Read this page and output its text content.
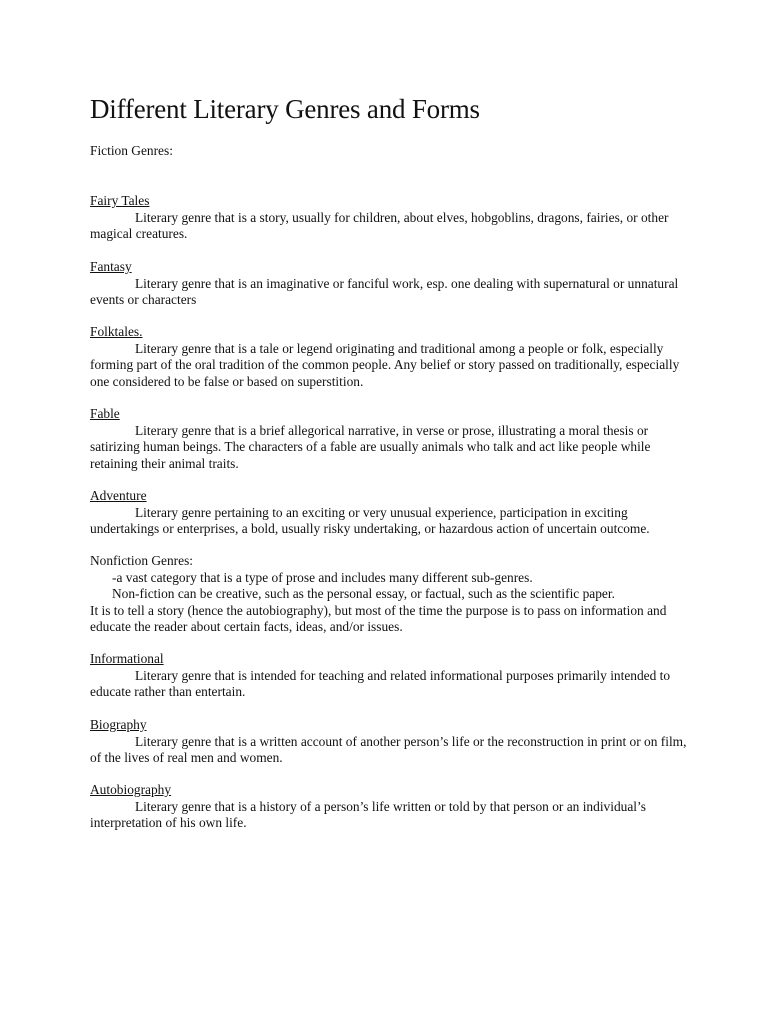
Different Literary Genres and Forms

Fiction Genres:

Fairy Tales

Literary genre that is a story, usually for children, about elves, hobgoblins, dragons, fairies, or other magical creatures.

Fantasy

Literary genre that is an imaginative or fanciful work, esp. one dealing with supernatural or unnatural events or characters

Folktales.

Literary genre that is a tale or legend originating and traditional among a people or folk, especially forming part of the oral tradition of the common people. Any belief or story passed on traditionally, especially one considered to be false or based on superstition.

Fable

Literary genre that is a brief allegorical narrative, in verse or prose, illustrating a moral thesis or satirizing human beings. The characters of a fable are usually animals who talk and act like people while retaining their animal traits.

Adventure

Literary genre pertaining to an exciting or very unusual experience, participation in exciting undertakings or enterprises, a bold, usually risky undertaking, or hazardous action of uncertain outcome.

Nonfiction Genres:

-a vast category that is a type of prose and includes many different sub-genres.

Non-fiction can be creative, such as the personal essay, or factual, such as the scientific paper.

It is to tell a story (hence the autobiography), but most of the time the purpose is to pass on information and educate the reader about certain facts, ideas, and/or issues.

Informational

Literary genre that is intended for teaching and related informational purposes primarily intended to educate rather than entertain.

Biography

Literary genre that is a written account of another person’s life or the reconstruction in print or on film, of the lives of real men and women.

Autobiography

Literary genre that is a history of a person’s life written or told by that person or an individual’s interpretation of his own life.
